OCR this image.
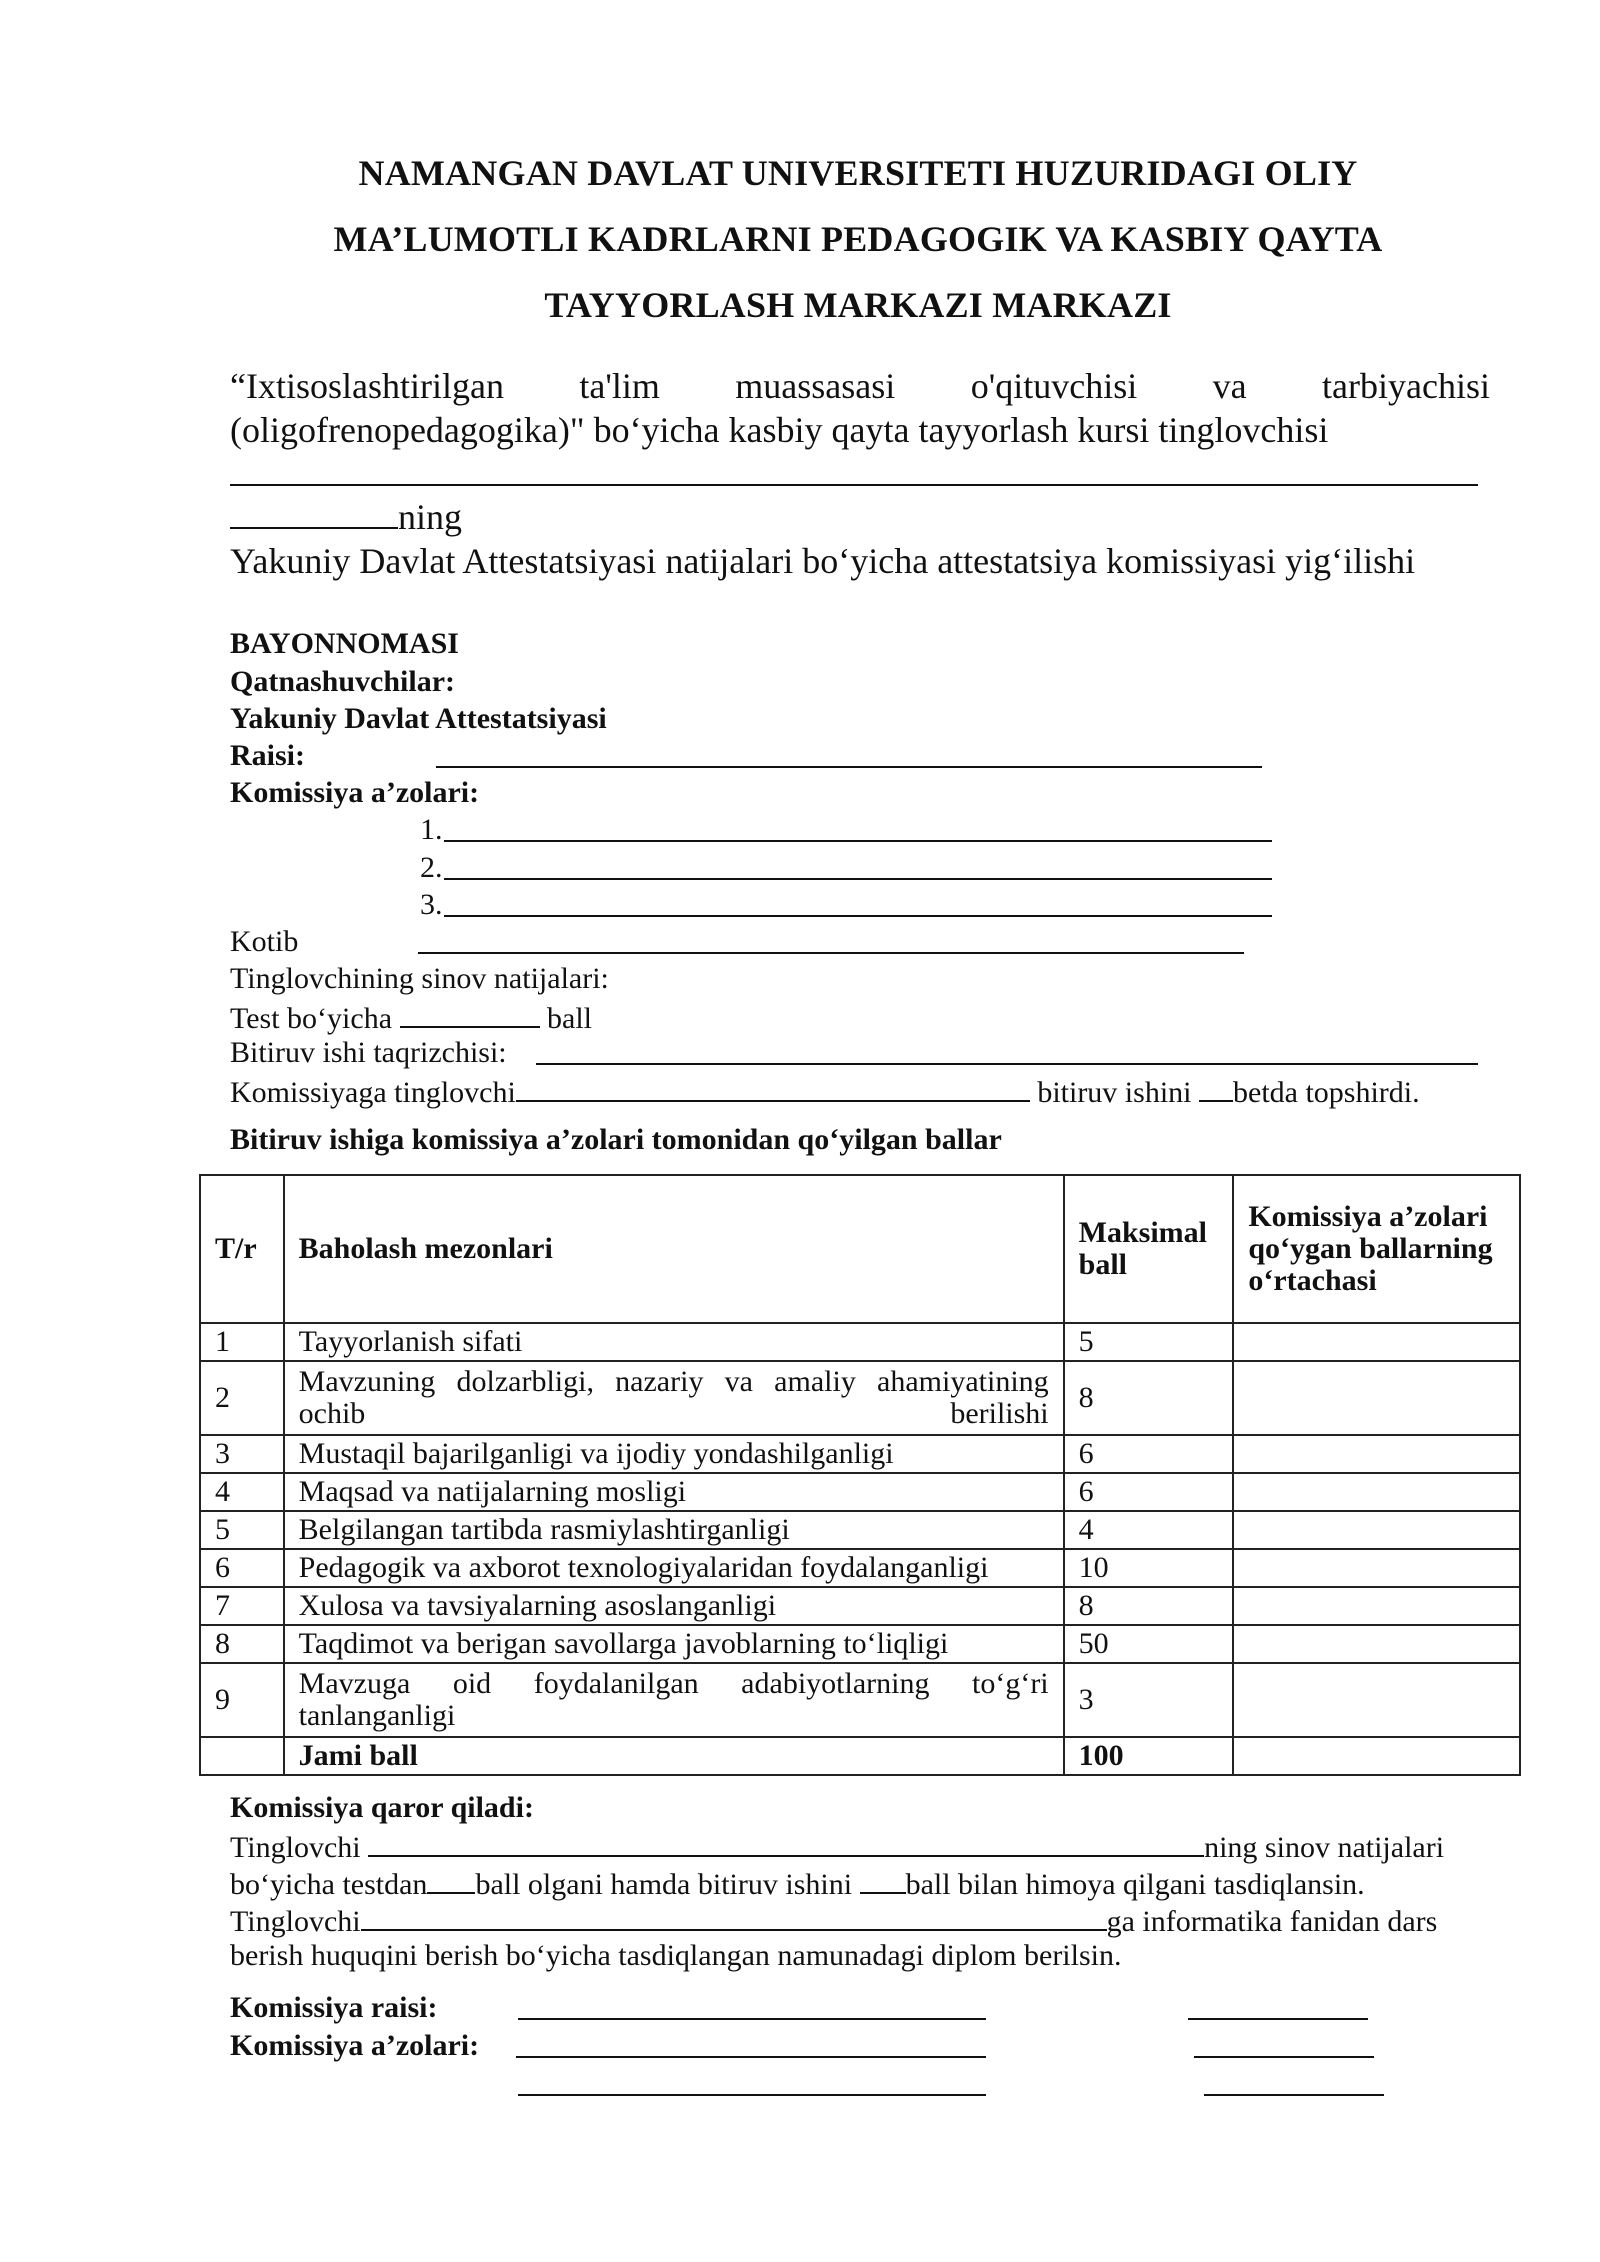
NAMANGAN DAVLAT UNIVERSITETI HUZURIDAGI OLIY
MA’LUMOTLI KADRLARNI PEDAGOGIK VA KASBIY QAYTA
TAYYORLASH MARKAZI MARKAZI
“Ixtisoslashtirilgan ta'lim muassasasi o'qituvchisi va tarbiyachisi
(oligofrenopedagogika)" bo‘yicha kasbiy qayta tayyorlash kursi tinglovchisi
ning
Yakuniy Davlat Attestatsiyasi natijalari bo‘yicha attestatsiya komissiyasi yig‘ilishi
BAYONNOMASI
Qatnashuvchilar:
Yakuniy Davlat Attestatsiyasi
Raisi:
Komissiya a’zolari:
1.
2.
3.
Kotib
Tinglovchining sinov natijalari:
Test bo‘yicha	ball
Bitiruv ishi taqrizchisi:
Komissiyaga tinglovchi	bitiruv ishini betda topshirdi.
Bitiruv ishiga komissiya a’zolari tomonidan qo‘yilgan ballar
T/r	Baholash mezonlari	Maksimal ball	Komissiya a’zolari qo‘ygan ballarning o‘rtachasi
1	Tayyorlanish sifati	5	
2	Mavzuning dolzarbligi, nazariy va amaliy ahamiyatining ochib berilishi	8	
3	Mustaqil bajarilganligi va ijodiy yondashilganligi	6	
4	Maqsad va natijalarning mosligi	6	
5	Belgilangan tartibda rasmiylashtirganligi	4	
6	Pedagogik va axborot texnologiyalaridan foydalanganligi	10	
7	Xulosa va tavsiyalarning asoslanganligi	8	
8	Taqdimot va berigan savollarga javoblarning to‘liqligi	50	
9	Mavzuga oid foydalanilgan adabiyotlarning to‘g‘ri tanlanganligi	3	
	Jami ball	100	
Komissiya qaror qiladi:
Tinglovchi	ning sinov natijalari
bo‘yicha testdan ball olgani hamda bitiruv ishini ball bilan himoya qilgani tasdiqlansin.
Tinglovchi	ga informatika fanidan dars
berish huquqini berish bo‘yicha tasdiqlangan namunadagi diplom berilsin.
Komissiya raisi:
Komissiya a’zolari:
